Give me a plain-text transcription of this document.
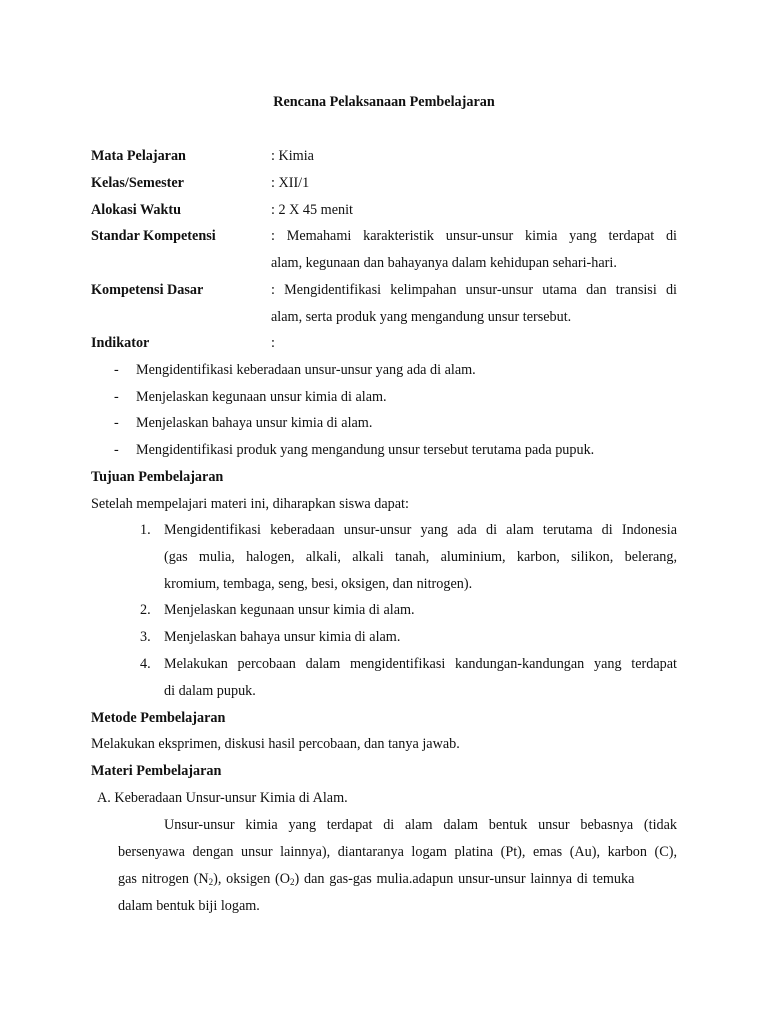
Rencana Pelaksanaan Pembelajaran
Mata Pelajaran	: Kimia
Kelas/Semester	: XII/1
Alokasi Waktu	: 2 X 45 menit
Standar Kompetensi	: Memahami karakteristik unsur-unsur kimia yang terdapat di
alam, kegunaan dan bahayanya dalam kehidupan sehari-hari.
Kompetensi Dasar	: Mengidentifikasi kelimpahan unsur-unsur utama dan transisi di
alam, serta produk yang mengandung unsur tersebut.
Indikator	:
- Mengidentifikasi keberadaan unsur-unsur yang ada di alam.
- Menjelaskan kegunaan unsur kimia di alam.
- Menjelaskan bahaya unsur kimia di alam.
- Mengidentifikasi produk yang mengandung unsur tersebut terutama pada pupuk.
Tujuan Pembelajaran
Setelah mempelajari materi ini, diharapkan siswa dapat:
1. Mengidentifikasi keberadaan unsur-unsur yang ada di alam terutama di Indonesia
(gas mulia, halogen, alkali, alkali tanah, aluminium, karbon, silikon, belerang,
kromium, tembaga, seng, besi, oksigen, dan nitrogen).
2. Menjelaskan kegunaan unsur kimia di alam.
3. Menjelaskan bahaya unsur kimia di alam.
4. Melakukan percobaan dalam mengidentifikasi kandungan-kandungan yang terdapat
di dalam pupuk.
Metode Pembelajaran
Melakukan eksprimen, diskusi hasil percobaan, dan tanya jawab.
Materi Pembelajaran
A. Keberadaan Unsur-unsur Kimia di Alam.
Unsur-unsur kimia yang terdapat di alam dalam bentuk unsur bebasnya (tidak
bersenyawa dengan unsur lainnya), diantaranya logam platina (Pt), emas (Au), karbon (C),
gas nitrogen $(N_2)$, oksigen $(O_2)$ dan gas-gas mulia.adapun unsur-unsur lainnya di temuka
dalam bentuk biji logam.
